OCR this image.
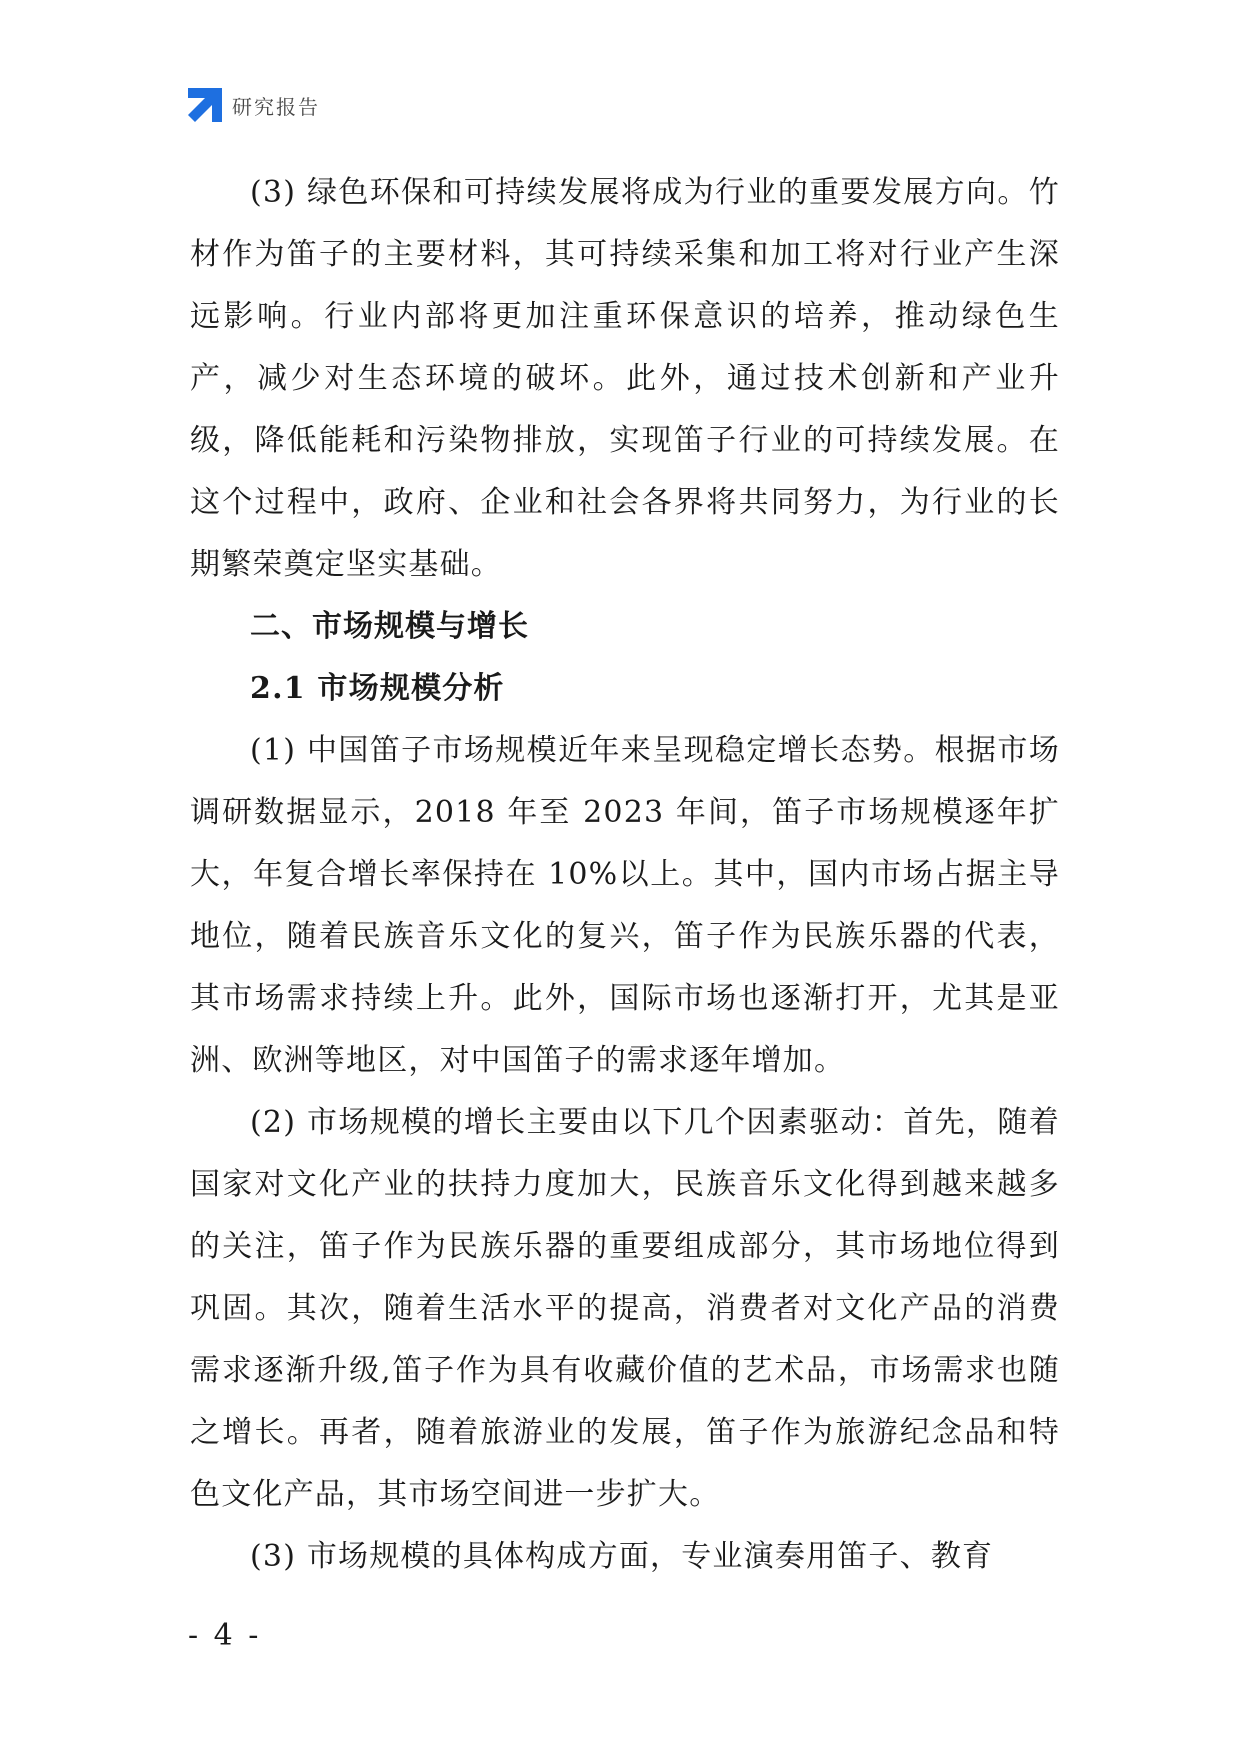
研究报告

(3) 绿色环保和可持续发展将成为行业的重要发展方向。竹材作为笛子的主要材料，其可持续采集和加工将对行业产生深远影响。行业内部将更加注重环保意识的培养，推动绿色生产，减少对生态环境的破坏。此外，通过技术创新和产业升级，降低能耗和污染物排放，实现笛子行业的可持续发展。在这个过程中，政府、企业和社会各界将共同努力，为行业的长期繁荣奠定坚实基础。

二、市场规模与增长
2.1 市场规模分析

(1) 中国笛子市场规模近年来呈现稳定增长态势。根据市场调研数据显示，2018 年至 2023 年间，笛子市场规模逐年扩大，年复合增长率保持在 10%以上。其中，国内市场占据主导地位，随着民族音乐文化的复兴，笛子作为民族乐器的代表，其市场需求持续上升。此外，国际市场也逐渐打开，尤其是亚洲、欧洲等地区，对中国笛子的需求逐年增加。

(2) 市场规模的增长主要由以下几个因素驱动：首先，随着国家对文化产业的扶持力度加大，民族音乐文化得到越来越多的关注，笛子作为民族乐器的重要组成部分，其市场地位得到巩固。其次，随着生活水平的提高，消费者对文化产品的消费需求逐渐升级,笛子作为具有收藏价值的艺术品，市场需求也随之增长。再者，随着旅游业的发展，笛子作为旅游纪念品和特色文化产品，其市场空间进一步扩大。

(3) 市场规模的具体构成方面，专业演奏用笛子、教育

- 4 -
